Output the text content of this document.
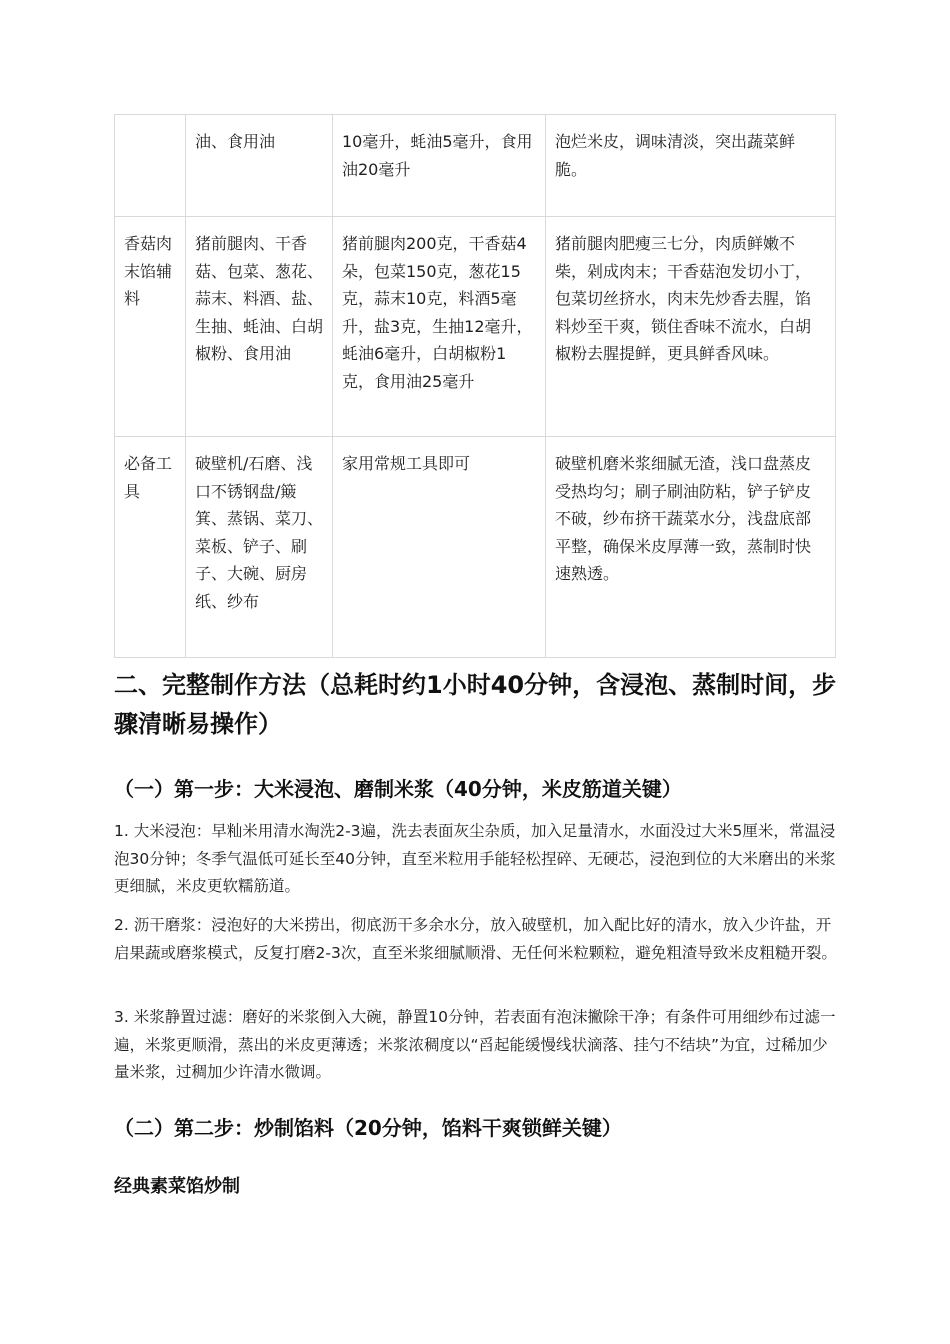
	油、食用油	10毫升，蚝油5毫升，食用油20毫升	泡烂米皮，调味清淡，突出蔬菜鲜脆。
香菇肉末馅辅料	猪前腿肉、干香菇、包菜、葱花、蒜末、料酒、盐、生抽、蚝油、白胡椒粉、食用油	猪前腿肉200克，干香菇4朵，包菜150克，葱花15克，蒜末10克，料酒5毫升，盐3克，生抽12毫升，蚝油6毫升，白胡椒粉1克，食用油25毫升	猪前腿肉肥瘦三七分，肉质鲜嫩不柴，剁成肉末；干香菇泡发切小丁，包菜切丝挤水，肉末先炒香去腥，馅料炒至干爽，锁住香味不流水，白胡椒粉去腥提鲜，更具鲜香风味。
必备工具	破壁机/石磨、浅口不锈钢盘/簸箕、蒸锅、菜刀、菜板、铲子、刷子、大碗、厨房纸、纱布	家用常规工具即可	破壁机磨米浆细腻无渣，浅口盘蒸皮受热均匀；刷子刷油防粘，铲子铲皮不破，纱布挤干蔬菜水分，浅盘底部平整，确保米皮厚薄一致，蒸制时快速熟透。
二、完整制作方法（总耗时约1小时40分钟，含浸泡、蒸制时间，步骤清晰易操作）
（一）第一步：大米浸泡、磨制米浆（40分钟，米皮筋道关键）

1. 大米浸泡：早籼米用清水淘洗2-3遍，洗去表面灰尘杂质，加入足量清水，水面没过大米5厘米，常温浸泡30分钟；冬季气温低可延长至40分钟，直至米粒用手能轻松捏碎、无硬芯，浸泡到位的大米磨出的米浆更细腻，米皮更软糯筋道。

2. 沥干磨浆：浸泡好的大米捞出，彻底沥干多余水分，放入破壁机，加入配比好的清水，放入少许盐，开启果蔬或磨浆模式，反复打磨2-3次，直至米浆细腻顺滑、无任何米粒颗粒，避免粗渣导致米皮粗糙开裂。

3. 米浆静置过滤：磨好的米浆倒入大碗，静置10分钟，若表面有泡沫撇除干净；有条件可用细纱布过滤一遍，米浆更顺滑，蒸出的米皮更薄透；米浆浓稠度以“舀起能缓慢线状滴落、挂勺不结块”为宜，过稀加少量米浆，过稠加少许清水微调。

（二）第二步：炒制馅料（20分钟，馅料干爽锁鲜关键）
经典素菜馅炒制
